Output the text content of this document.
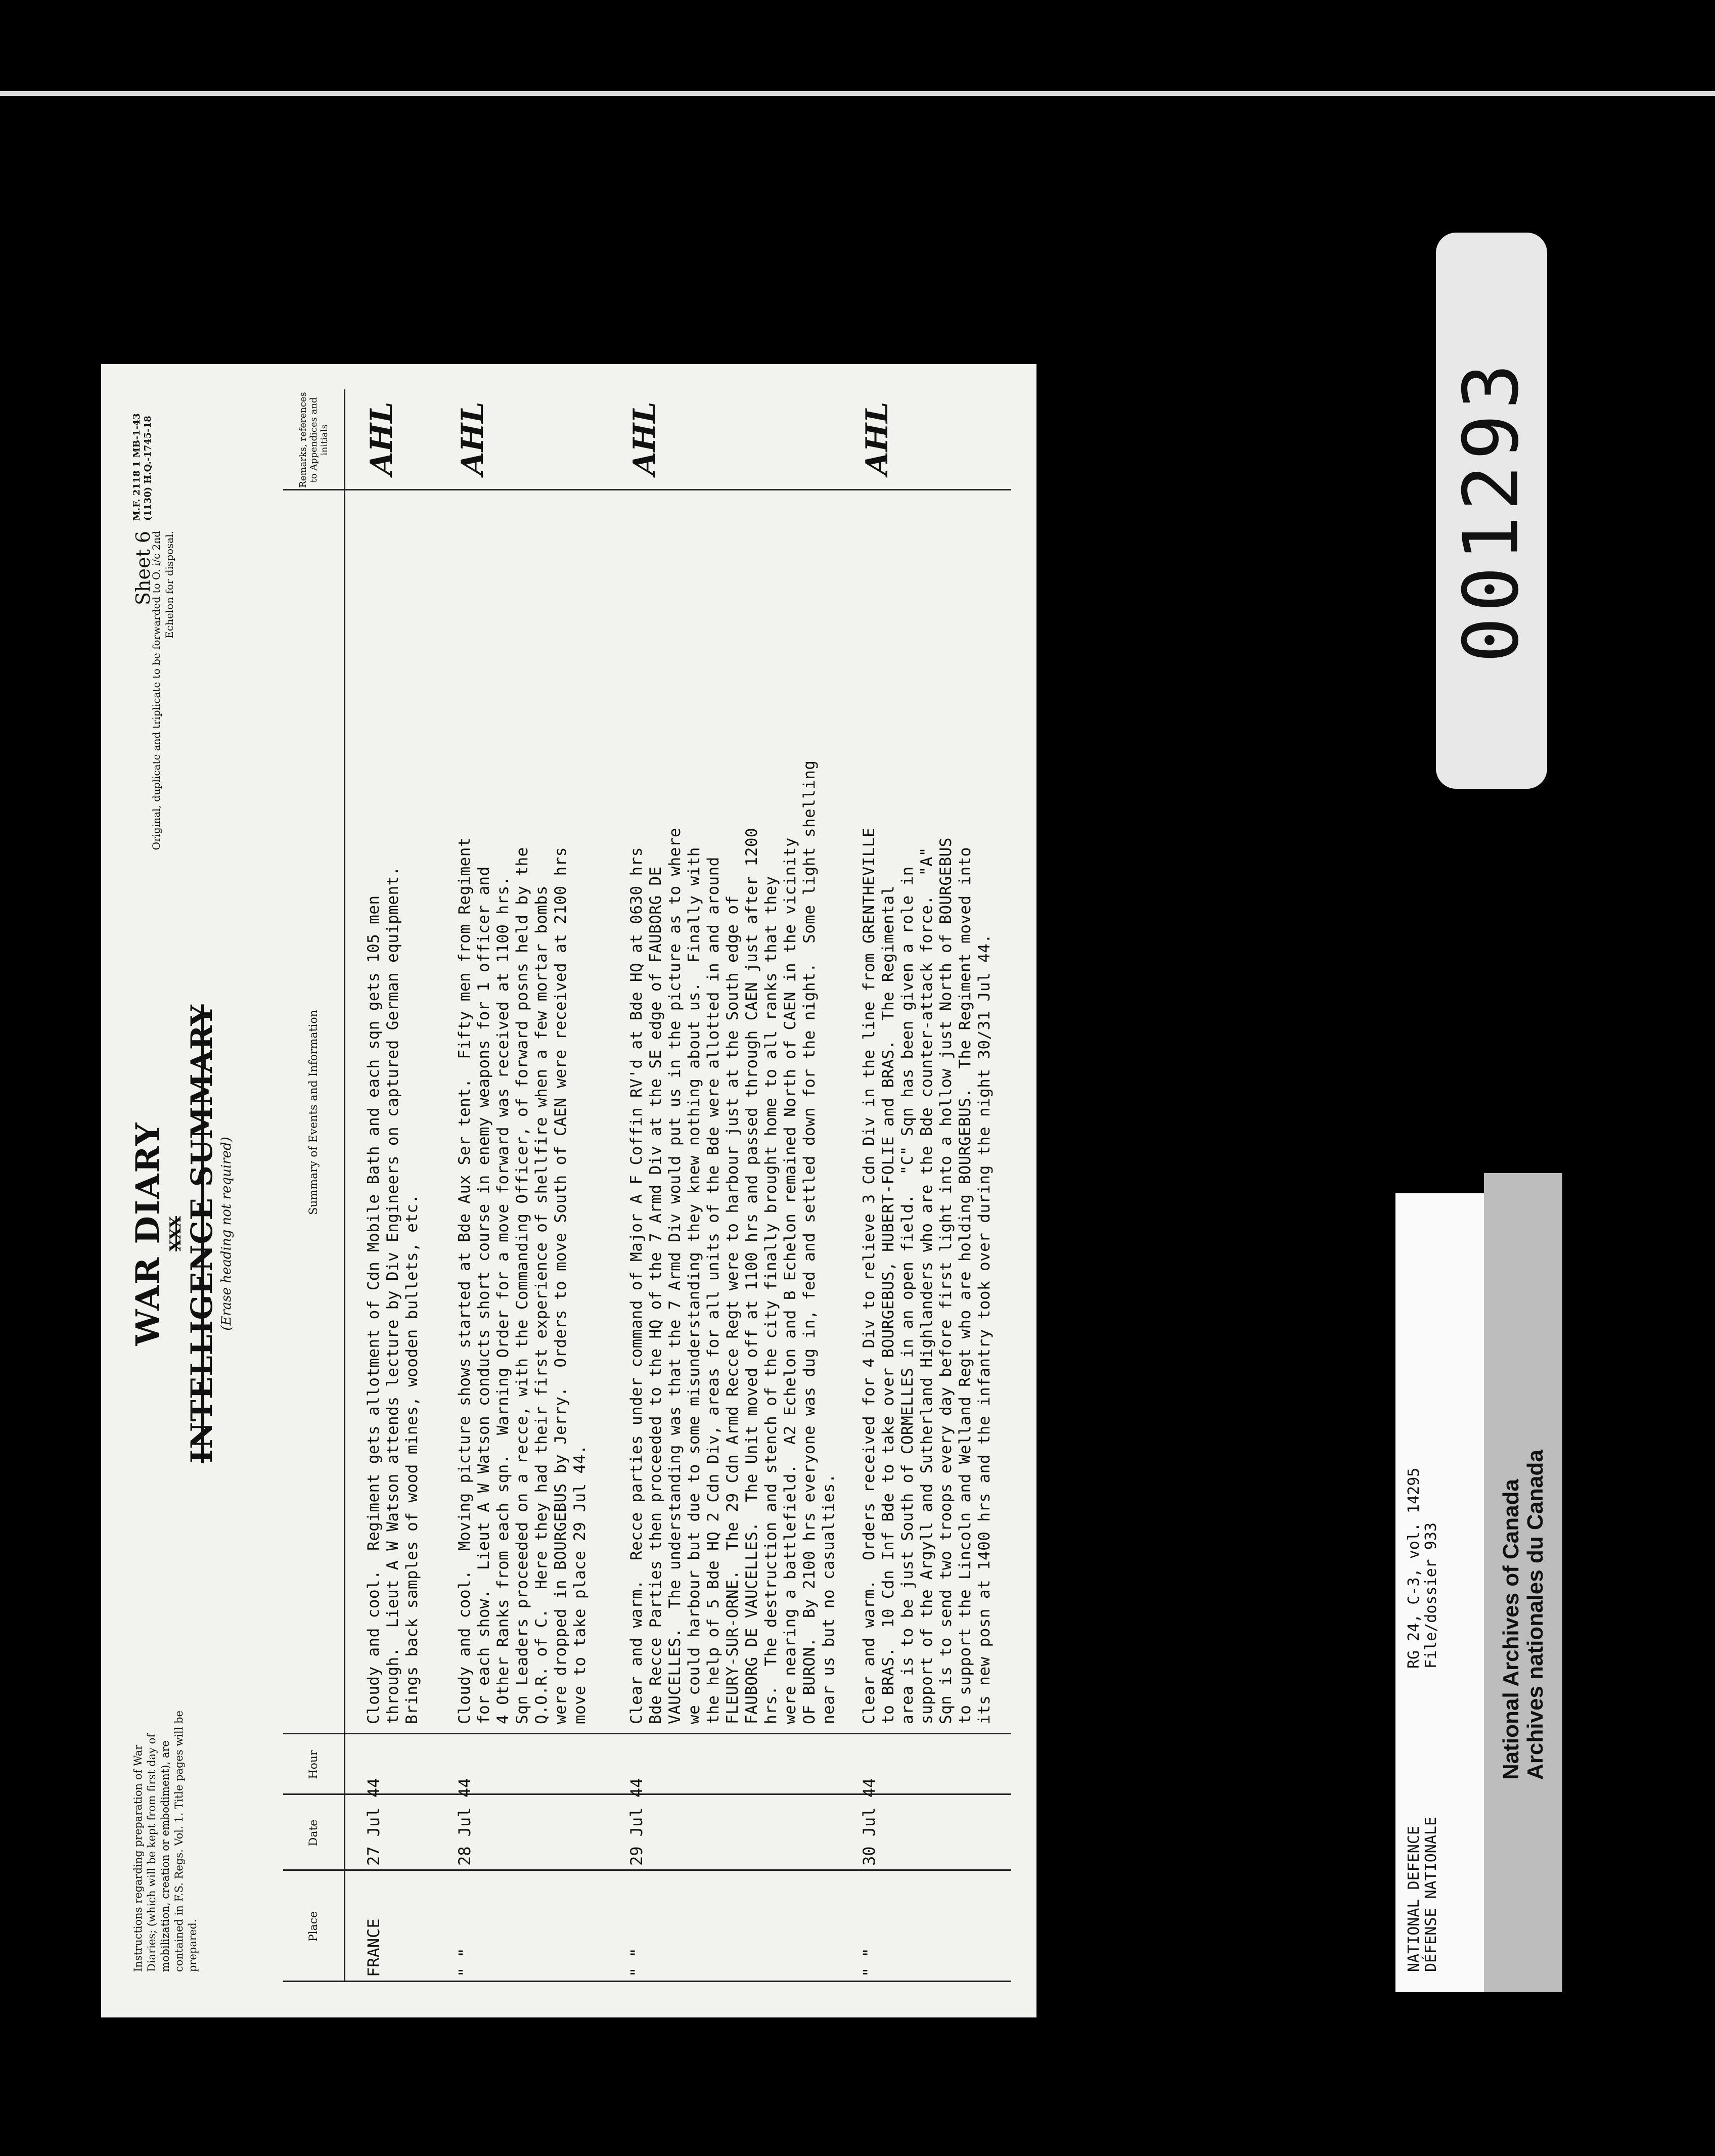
Instructions regarding preparation of War Diaries; (which will be kept from first day of mobilization, creation or embodiment), are contained in F.S. Regs. Vol. 1. Title pages will be prepared.
WAR DIARY XXX INTELLIGENCE SUMMARY (Erase heading not required)
Sheet 6
Original, duplicate and triplicate to be forwarded to O. i/c 2nd Echelon for disposal.
M.F. 2118 1 MB-1-43 (1130) H.Q.-1745-18
Place
Date
Hour
Summary of Events and Information
Remarks, references to Appendices and initials
FRANCE
27 Jul 44
Cloudy and cool.  Regiment gets allotment of Cdn Mobile Bath and each sqn gets 105 men
through.  Lieut A W Watson attends lecture by Div Engineers on captured German equipment.
Brings back samples of wood mines, wooden bullets, etc.
AHL
" "
28 Jul 44
Cloudy and cool.  Moving picture shows started at Bde Aux Ser tent.  Fifty men from Regiment
for each show.  Lieut A W Watson conducts short course in enemy weapons for 1 officer and
4 Other Ranks from each sqn.  Warning Order for a move forward was received at 1100 hrs.
Sqn Leaders proceeded on a recce, with the Commanding Officer, of forward posns held by the
Q.O.R. of C.  Here they had their first experience of shellfire when a few mortar bombs
were dropped in BOURGEBUS by Jerry.  Orders to move South of CAEN were received at 2100 hrs
move to take place 29 Jul 44.
AHL
" "
29 Jul 44
Clear and warm.  Recce parties under command of Major A F Coffin RV'd at Bde HQ at 0630 hrs
Bde Recce Parties then proceeded to the HQ of the 7 Armd Div at the SE edge of FAUBORG DE
VAUCELLES.  The understanding was that the 7 Armd Div would put us in the picture as to where
we could harbour but due to some misunderstanding they knew nothing about us.  Finally with
the help of 5 Bde HQ 2 Cdn Div, areas for all units of the Bde were allotted in and around
FLEURY-SUR-ORNE.  The 29 Cdn Armd Recce Regt were to harbour just at the South edge of
FAUBORG DE VAUCELLES.  The Unit moved off at 1100 hrs and passed through CAEN just after 1200
hrs.  The destruction and stench of the city finally brought home to all ranks that they
were nearing a battlefield.  A2 Echelon and B Echelon remained North of CAEN in the vicinity
OF BURON.  By 2100 hrs everyone was dug in, fed and settled down for the night.  Some light shelling
near us but no casualties.
AHL
" "
30 Jul 44
Clear and warm.  Orders received for 4 Div to relieve 3 Cdn Div in the line from GRENTHEVILLE
to BRAS.  10 Cdn Inf Bde to take over BOURGEBUS, HUBERT-FOLIE and BRAS.  The Regimental
area is to be just South of CORMELLES in an open field.  "C" Sqn has been given a role in
support of the Argyll and Sutherland Highlanders who are the Bde counter-attack force.  "A"
Sqn is to send two troops every day before first light into a hollow just North of BOURGEBUS
to support the Lincoln and Welland Regt who are holding BOURGEBUS.  The Regiment moved into
its new posn at 1400 hrs and the infantry took over during the night 30/31 Jul 44.
AHL	001293
NATIONAL DEFENCE
DÉFENSE NATIONALE
RG 24, C-3, vol. 14295
File/dossier 933
National Archives of Canada
Archives nationales du Canada
